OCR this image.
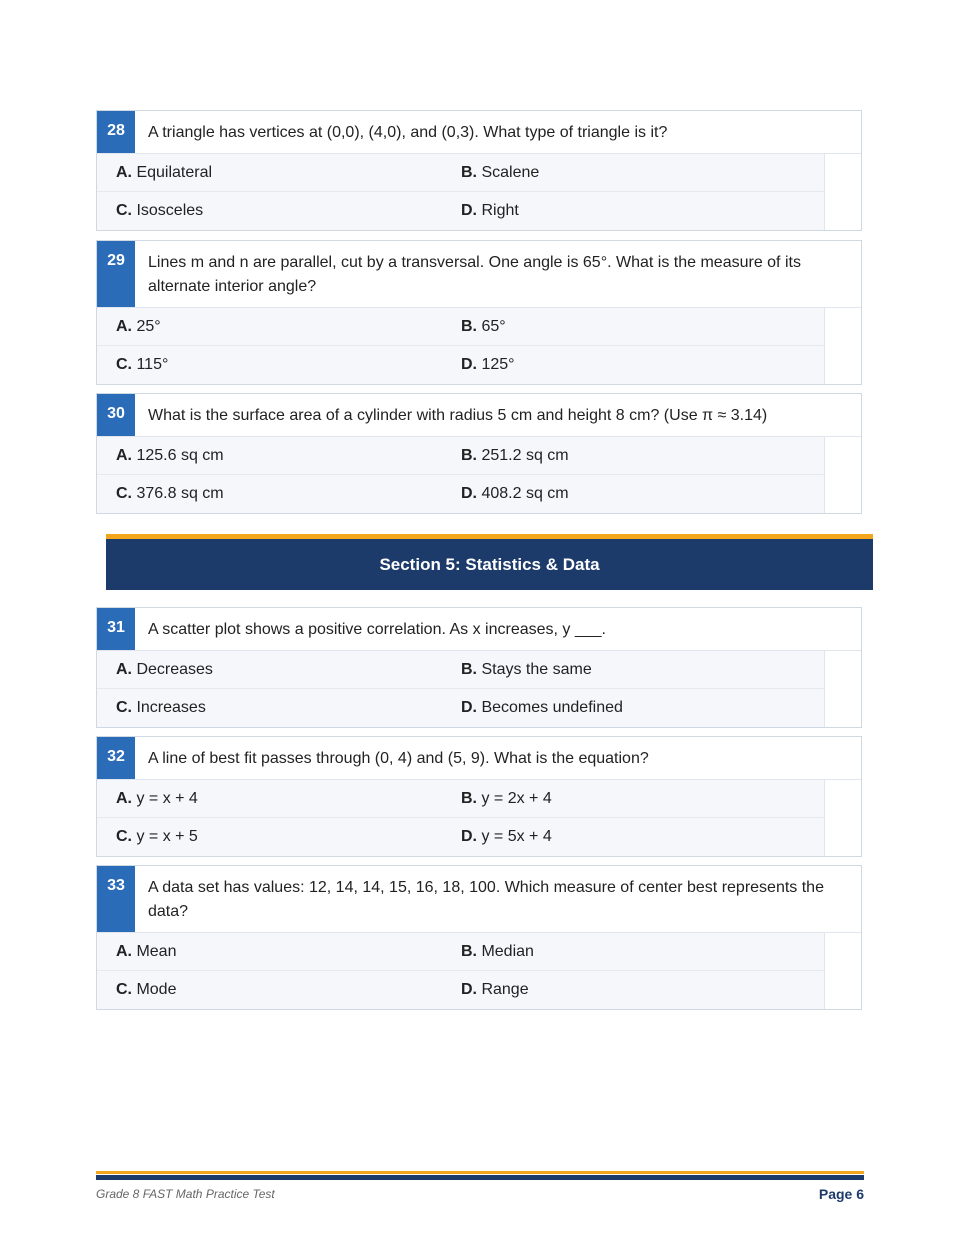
28	A triangle has vertices at (0,0), (4,0), and (0,3). What type of triangle is it?
A. Equilateral	B. Scalene
C. Isosceles	D. Right
29	Lines m and n are parallel, cut by a transversal. One angle is 65°. What is the measure of its alternate interior angle?
A. 25°	B. 65°
C. 115°	D. 125°
30	What is the surface area of a cylinder with radius 5 cm and height 8 cm? (Use π ≈ 3.14)
A. 125.6 sq cm	B. 251.2 sq cm
C. 376.8 sq cm	D. 408.2 sq cm
Section 5: Statistics & Data
31	A scatter plot shows a positive correlation. As x increases, y ___.
A. Decreases	B. Stays the same
C. Increases	D. Becomes undefined
32	A line of best fit passes through (0, 4) and (5, 9). What is the equation?
A. y = x + 4	B. y = 2x + 4
C. y = x + 5	D. y = 5x + 4
33	A data set has values: 12, 14, 14, 15, 16, 18, 100. Which measure of center best represents the data?
A. Mean	B. Median
C. Mode	D. Range
Grade 8 FAST Math Practice Test	Page 6
